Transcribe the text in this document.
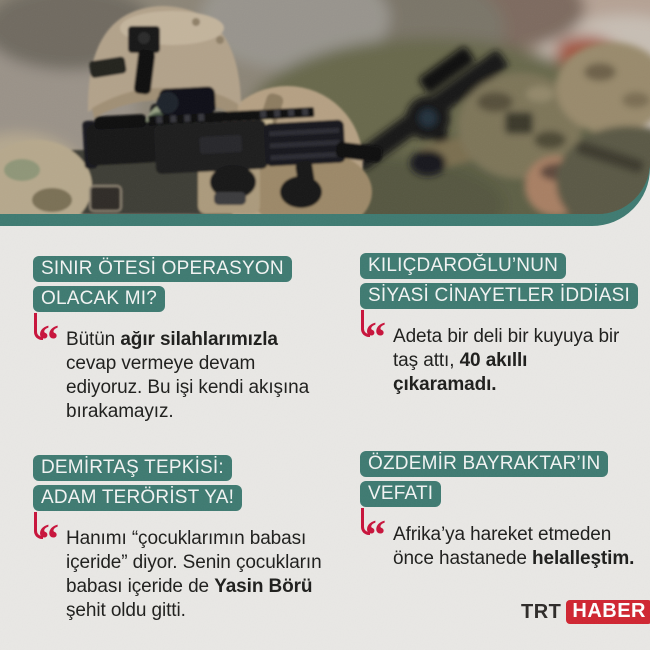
SINIR ÖTESİ OPERASYON
OLACAK MI?
“ Bütün ağır silahlarımızla cevap vermeye devam ediyoruz. Bu işi kendi akışına bırakamayız.
KILIÇDAROĞLU’NUN
SİYASİ CİNAYETLER İDDİASI
“ Adeta bir deli bir kuyuya bir taş attı, 40 akıllı çıkaramadı.
DEMİRTAŞ TEPKİSİ:
ADAM TERÖRİST YA!
“ Hanımı “çocuklarımın babası içeride” diyor. Senin çocukların babası içeride de Yasin Börü şehit oldu gitti.
ÖZDEMİR BAYRAKTAR’IN
VEFATI
“ Afrika’ya hareket etmeden önce hastanede helalleştim.
TRT HABER
